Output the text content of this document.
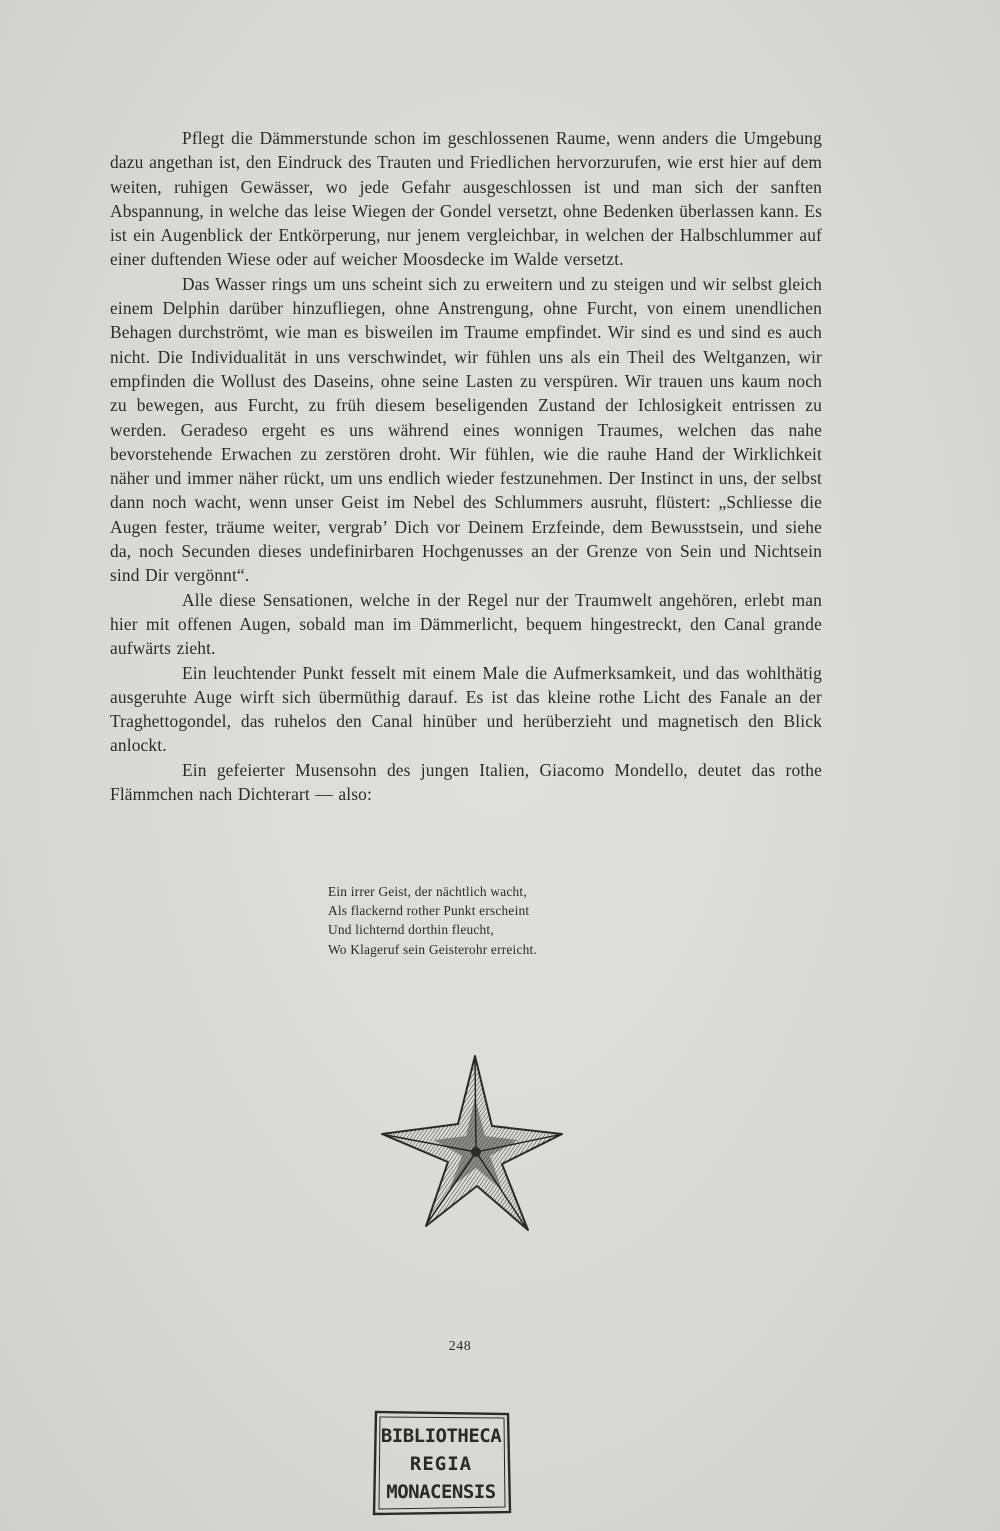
Pflegt die Dämmerstunde schon im geschlossenen Raume, wenn anders die Umgebung dazu angethan ist, den Eindruck des Trauten und Friedlichen hervorzurufen, wie erst hier auf dem weiten, ruhigen Gewässer, wo jede Gefahr ausgeschlossen ist und man sich der sanften Abspannung, in welche das leise Wiegen der Gondel versetzt, ohne Bedenken überlassen kann. Es ist ein Augenblick der Entkörperung, nur jenem vergleichbar, in welchen der Halbschlummer auf einer duftenden Wiese oder auf weicher Moosdecke im Walde versetzt.

Das Wasser rings um uns scheint sich zu erweitern und zu steigen und wir selbst gleich einem Delphin darüber hinzufliegen, ohne Anstrengung, ohne Furcht, von einem unendlichen Behagen durchströmt, wie man es bisweilen im Traume empfindet. Wir sind es und sind es auch nicht. Die Individualität in uns verschwindet, wir fühlen uns als ein Theil des Weltganzen, wir empfinden die Wollust des Daseins, ohne seine Lasten zu verspüren. Wir trauen uns kaum noch zu bewegen, aus Furcht, zu früh diesem beseligenden Zustand der Ichlosigkeit entrissen zu werden. Geradeso ergeht es uns während eines wonnigen Traumes, welchen das nahe bevorstehende Erwachen zu zerstören droht. Wir fühlen, wie die rauhe Hand der Wirklichkeit näher und immer näher rückt, um uns endlich wieder festzunehmen. Der Instinct in uns, der selbst dann noch wacht, wenn unser Geist im Nebel des Schlummers ausruht, flüstert: „Schliesse die Augen fester, träume weiter, vergrab’ Dich vor Deinem Erzfeinde, dem Bewusstsein, und siehe da, noch Secunden dieses undefinirbaren Hochgenusses an der Grenze von Sein und Nichtsein sind Dir vergönnt“.

Alle diese Sensationen, welche in der Regel nur der Traumwelt angehören, erlebt man hier mit offenen Augen, sobald man im Dämmerlicht, bequem hingestreckt, den Canal grande aufwärts zieht.

Ein leuchtender Punkt fesselt mit einem Male die Aufmerksamkeit, und das wohlthätig ausgeruhte Auge wirft sich übermüthig darauf. Es ist das kleine rothe Licht des Fanale an der Traghettogondel, das ruhelos den Canal hinüber und herüberzieht und magnetisch den Blick anlockt.

Ein gefeierter Musensohn des jungen Italien, Giacomo Mondello, deutet das rothe Flämmchen nach Dichterart — also:

Ein irrer Geist, der nächtlich wacht,
Als flackernd rother Punkt erscheint
Und lichternd dorthin fleucht,
Wo Klageruf sein Geisterohr erreicht.
248
BIBLIOTHECA
REGIA
MONACENSIS
